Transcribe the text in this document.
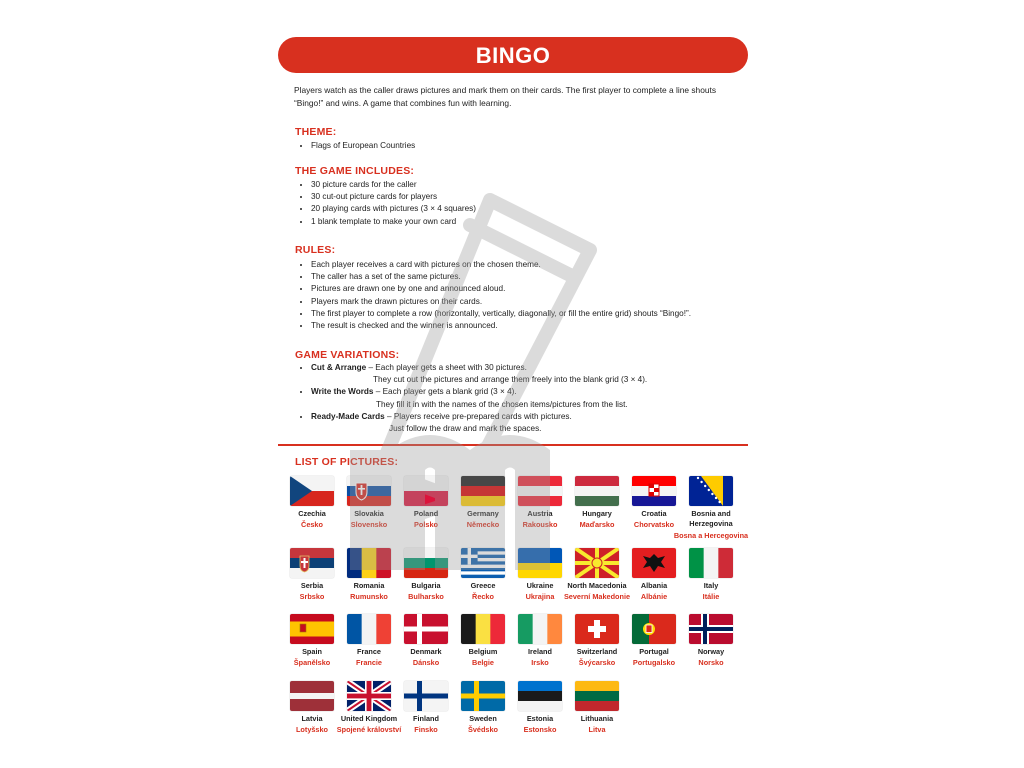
BINGO
Players watch as the caller draws pictures and mark them on their cards. The first player to complete a line shouts “Bingo!” and wins. A game that combines fun with learning.
THEME:
• Flags of European Countries
THE GAME INCLUDES:
• 30 picture cards for the caller
• 30 cut-out picture cards for players
• 20 playing cards with pictures (3 × 4 squares)
• 1 blank template to make your own card
RULES:
• Each player receives a card with pictures on the chosen theme.
• The caller has a set of the same pictures.
• Pictures are drawn one by one and announced aloud.
• Players mark the drawn pictures on their cards.
• The first player to complete a row (horizontally, vertically, diagonally, or fill the entire grid) shouts “Bingo!”.
• The result is checked and the winner is announced.
GAME VARIATIONS:
• Cut & Arrange – Each player gets a sheet with 30 pictures.
They cut out the pictures and arrange them freely into the blank grid (3 × 4).
• Write the Words – Each player gets a blank grid (3 × 4).
They fill it in with the names of the chosen items/pictures from the list.
• Ready-Made Cards – Players receive pre-prepared cards with pictures.
Just follow the draw and mark the spaces.
LIST OF PICTURES:
Czechia
Česko
Slovakia
Slovensko
Poland
Polsko
Germany
Německo
Austria
Rakousko
Hungary
Maďarsko
Croatia
Chorvatsko
Bosnia and Herzegovina
Bosna a Hercegovina
Serbia
Srbsko
Romania
Rumunsko
Bulgaria
Bulharsko
Greece
Řecko
Ukraine
Ukrajina
North Macedonia
Severní Makedonie
Albania
Albánie
Italy
Itálie
Spain
Španělsko
France
Francie
Denmark
Dánsko
Belgium
Belgie
Ireland
Irsko
Switzerland
Švýcarsko
Portugal
Portugalsko
Norway
Norsko
Latvia
Lotyšsko
United Kingdom
Spojené království
Finland
Finsko
Sweden
Švédsko
Estonia
Estonsko
Lithuania
Litva
